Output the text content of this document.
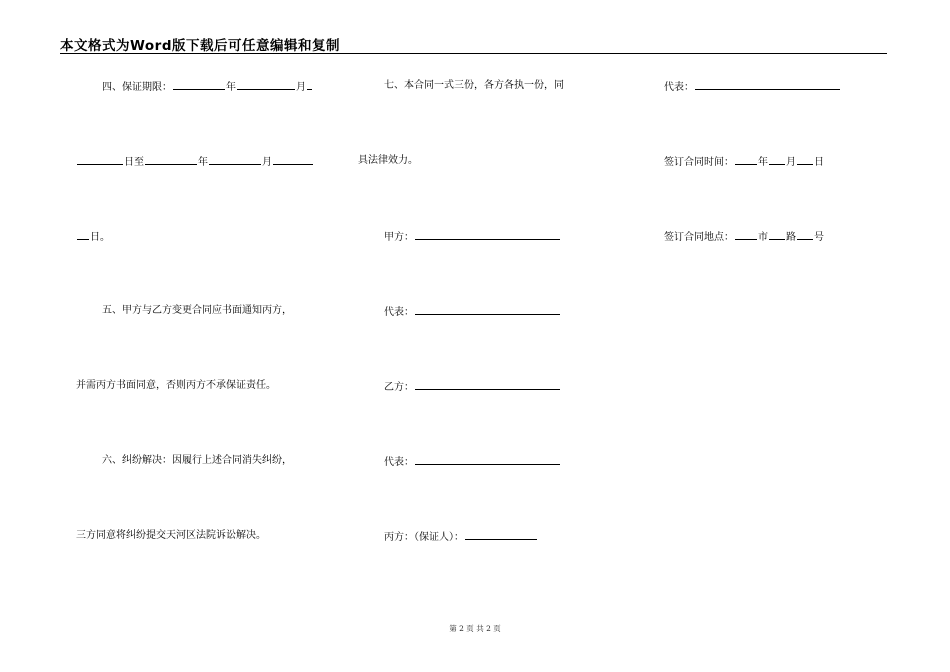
本文格式为Word版下载后可任意编辑和复制
四、保证期限：	年	月
日至	年	月
日。
五、甲方与乙方变更合同应书面通知丙方，
并需丙方书面同意，否则丙方不承保证责任。
六、纠纷解决：因履行上述合同消失纠纷，
三方同意将纠纷提交天河区法院诉讼解决。
七、本合同一式三份，各方各执一份，同
具法律效力。
甲方：
代表：
乙方：
代表：
丙方：（保证人）：
代表：
签订合同时间： 年 月 日
签订合同地点： 市 路 号
第 2 页 共 2 页
